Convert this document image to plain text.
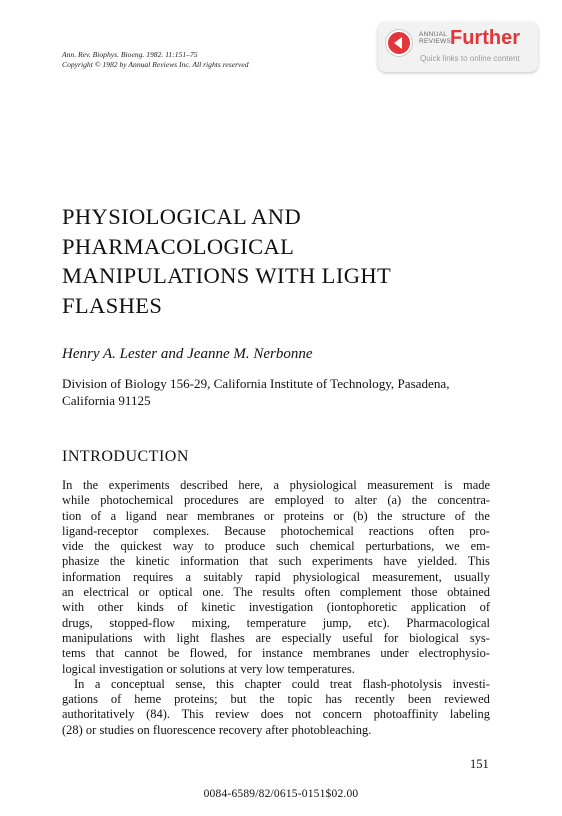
Ann. Rev. Biophys. Bioeng. 1982. 11:151–75
Copyright © 1982 by Annual Reviews Inc. All rights reserved
ANNUAL
REVIEWS
Further
Quick links to online content
PHYSIOLOGICAL AND
PHARMACOLOGICAL
MANIPULATIONS WITH LIGHT
FLASHES
Henry A. Lester and Jeanne M. Nerbonne
Division of Biology 156-29, California Institute of Technology, Pasadena,
California 91125
INTRODUCTION
In the experiments described here, a physiological measurement is made
while photochemical procedures are employed to alter (a) the concentra-
tion of a ligand near membranes or proteins or (b) the structure of the
ligand-receptor complexes. Because photochemical reactions often pro-
vide the quickest way to produce such chemical perturbations, we em-
phasize the kinetic information that such experiments have yielded. This
information requires a suitably rapid physiological measurement, usually
an electrical or optical one. The results often complement those obtained
with other kinds of kinetic investigation (iontophoretic application of
drugs, stopped-flow mixing, temperature jump, etc). Pharmacological
manipulations with light flashes are especially useful for biological sys-
tems that cannot be flowed, for instance membranes under electrophysio-
logical investigation or solutions at very low temperatures.
In a conceptual sense, this chapter could treat flash-photolysis investi-
gations of heme proteins; but the topic has recently been reviewed
authoritatively (84). This review does not concern photoaffinity labeling
(28) or studies on fluorescence recovery after photobleaching.
151
0084-6589/82/0615-0151$02.00
